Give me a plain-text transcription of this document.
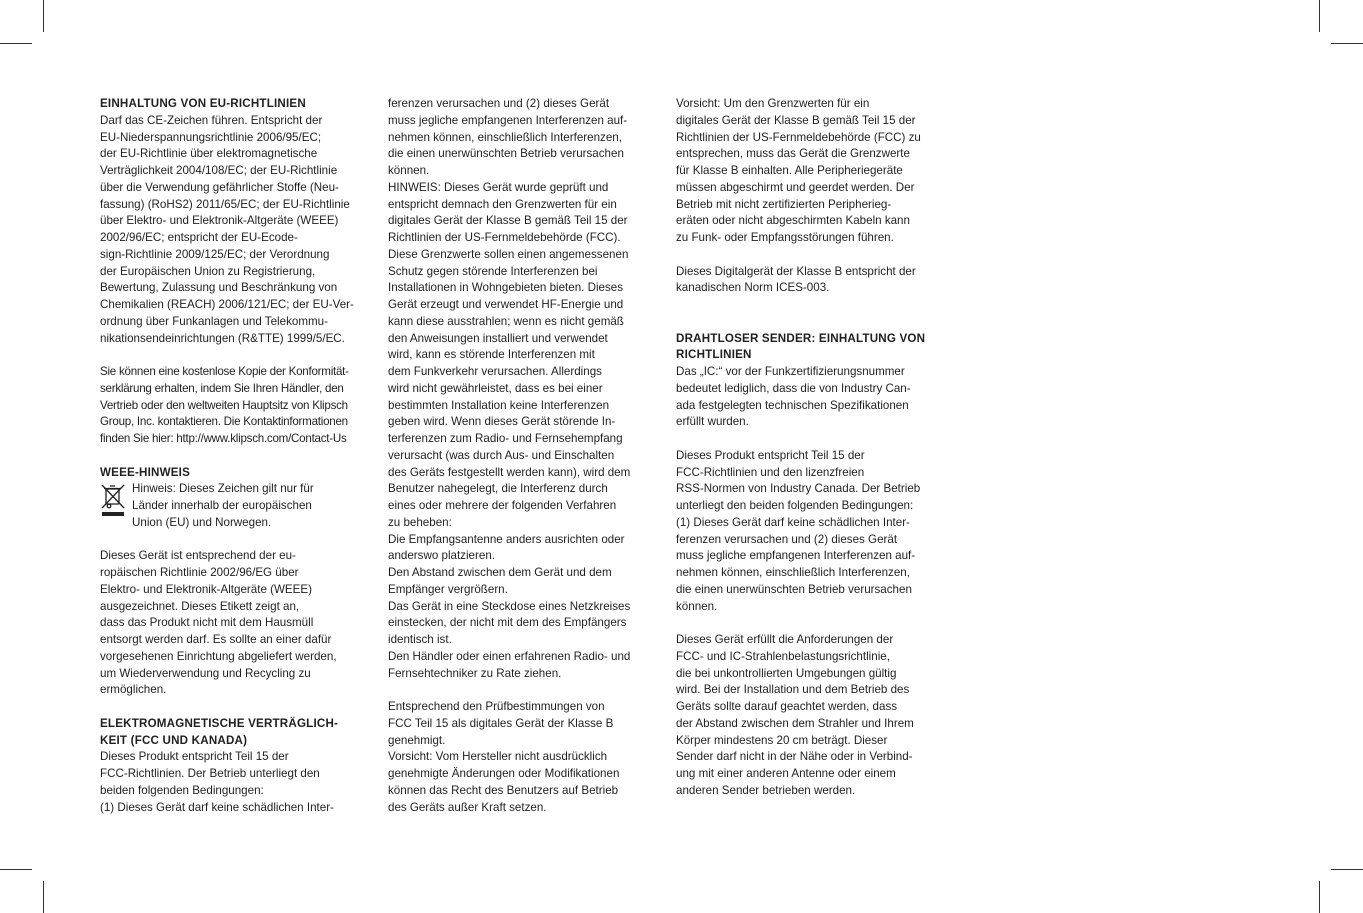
EINHALTUNG VON EU-RICHTLINIEN
Darf das CE-Zeichen führen. Entspricht der
EU-Niederspannungsrichtlinie 2006/95/EC;
der EU-Richtlinie über elektromagnetische
Verträglichkeit 2004/108/EC; der EU-Richtlinie
über die Verwendung gefährlicher Stoffe (Neu-
fassung) (RoHS2) 2011/65/EC; der EU-Richtlinie
über Elektro- und Elektronik-Altgeräte (WEEE)
2002/96/EC; entspricht der EU-Ecode-
sign-Richtlinie 2009/125/EC; der Verordnung
der Europäischen Union zu Registrierung,
Bewertung, Zulassung und Beschränkung von
Chemikalien (REACH) 2006/121/EC; der EU-Ver-
ordnung über Funkanlagen und Telekommu-
nikationsendeinrichtungen (R&TTE) 1999/5/EC.
Sie können eine kostenlose Kopie der Konformität-
serklärung erhalten, indem Sie Ihren Händler, den
Vertrieb oder den weltweiten Hauptsitz von Klipsch
Group, Inc. kontaktieren. Die Kontaktinformationen
finden Sie hier: http://www.klipsch.com/Contact-Us
WEEE-HINWEIS
Hinweis: Dieses Zeichen gilt nur für
Länder innerhalb der europäischen
Union (EU) und Norwegen.
Dieses Gerät ist entsprechend der eu-
ropäischen Richtlinie 2002/96/EG über
Elektro- und Elektronik-Altgeräte (WEEE)
ausgezeichnet. Dieses Etikett zeigt an,
dass das Produkt nicht mit dem Hausmüll
entsorgt werden darf. Es sollte an einer dafür
vorgesehenen Einrichtung abgeliefert werden,
um Wiederverwendung und Recycling zu
ermöglichen.
ELEKTROMAGNETISCHE VERTRÄGLICH-
KEIT (FCC UND KANADA)
Dieses Produkt entspricht Teil 15 der
FCC-Richtlinien. Der Betrieb unterliegt den
beiden folgenden Bedingungen:
(1) Dieses Gerät darf keine schädlichen Inter-
ferenzen verursachen und (2) dieses Gerät
muss jegliche empfangenen Interferenzen auf-
nehmen können, einschließlich Interferenzen,
die einen unerwünschten Betrieb verursachen
können.
HINWEIS: Dieses Gerät wurde geprüft und
entspricht demnach den Grenzwerten für ein
digitales Gerät der Klasse B gemäß Teil 15 der
Richtlinien der US-Fernmeldebehörde (FCC).
Diese Grenzwerte sollen einen angemessenen
Schutz gegen störende Interferenzen bei
Installationen in Wohngebieten bieten. Dieses
Gerät erzeugt und verwendet HF-Energie und
kann diese ausstrahlen; wenn es nicht gemäß
den Anweisungen installiert und verwendet
wird, kann es störende Interferenzen mit
dem Funkverkehr verursachen. Allerdings
wird nicht gewährleistet, dass es bei einer
bestimmten Installation keine Interferenzen
geben wird. Wenn dieses Gerät störende In-
terferenzen zum Radio- und Fernsehempfang
verursacht (was durch Aus- und Einschalten
des Geräts festgestellt werden kann), wird dem
Benutzer nahegelegt, die Interferenz durch
eines oder mehrere der folgenden Verfahren
zu beheben:
Die Empfangsantenne anders ausrichten oder
anderswo platzieren.
Den Abstand zwischen dem Gerät und dem
Empfänger vergrößern.
Das Gerät in eine Steckdose eines Netzkreises
einstecken, der nicht mit dem des Empfängers
identisch ist.
Den Händler oder einen erfahrenen Radio- und
Fernsehtechniker zu Rate ziehen.
Entsprechend den Prüfbestimmungen von
FCC Teil 15 als digitales Gerät der Klasse B
genehmigt.
Vorsicht: Vom Hersteller nicht ausdrücklich
genehmigte Änderungen oder Modifikationen
können das Recht des Benutzers auf Betrieb
des Geräts außer Kraft setzen.
Vorsicht: Um den Grenzwerten für ein
digitales Gerät der Klasse B gemäß Teil 15 der
Richtlinien der US-Fernmeldebehörde (FCC) zu
entsprechen, muss das Gerät die Grenzwerte
für Klasse B einhalten. Alle Peripheriegeräte
müssen abgeschirmt und geerdet werden. Der
Betrieb mit nicht zertifizierten Peripherieg-
eräten oder nicht abgeschirmten Kabeln kann
zu Funk- oder Empfangsstörungen führen.
Dieses Digitalgerät der Klasse B entspricht der
kanadischen Norm ICES-003.
DRAHTLOSER SENDER: EINHALTUNG VON
RICHTLINIEN
Das „IC:“ vor der Funkzertifizierungsnummer
bedeutet lediglich, dass die von Industry Can-
ada festgelegten technischen Spezifikationen
erfüllt wurden.
Dieses Produkt entspricht Teil 15 der
FCC-Richtlinien und den lizenzfreien
RSS-Normen von Industry Canada. Der Betrieb
unterliegt den beiden folgenden Bedingungen:
(1) Dieses Gerät darf keine schädlichen Inter-
ferenzen verursachen und (2) dieses Gerät
muss jegliche empfangenen Interferenzen auf-
nehmen können, einschließlich Interferenzen,
die einen unerwünschten Betrieb verursachen
können.
Dieses Gerät erfüllt die Anforderungen der
FCC- und IC-Strahlenbelastungsrichtlinie,
die bei unkontrollierten Umgebungen gültig
wird. Bei der Installation und dem Betrieb des
Geräts sollte darauf geachtet werden, dass
der Abstand zwischen dem Strahler und Ihrem
Körper mindestens 20 cm beträgt. Dieser
Sender darf nicht in der Nähe oder in Verbind-
ung mit einer anderen Antenne oder einem
anderen Sender betrieben werden.
